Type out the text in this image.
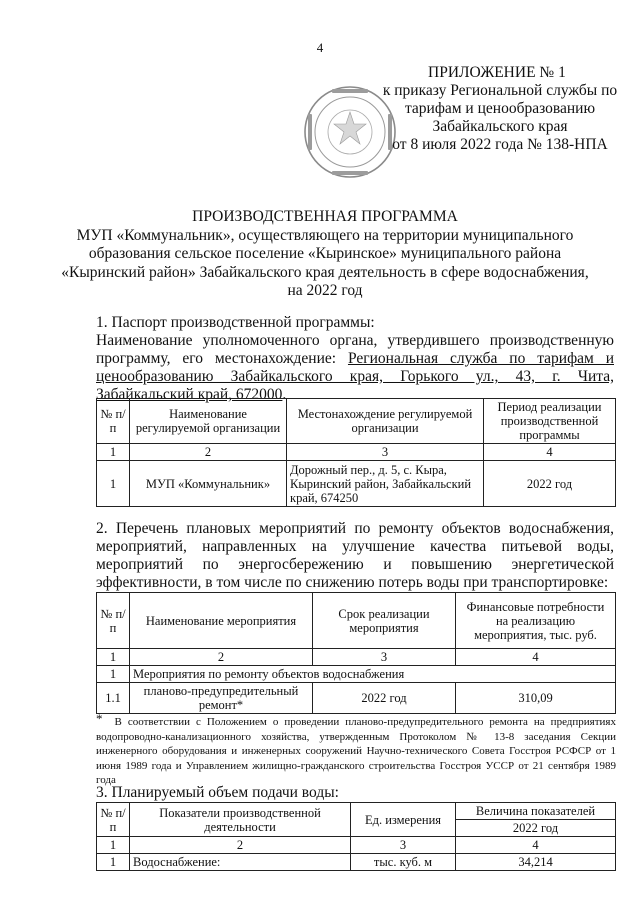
4
ПРИЛОЖЕНИЕ № 1
к приказу Региональной службы по
тарифам и ценообразованию
Забайкальского края
от 8 июля 2022 года № 138-НПА
ПРОИЗВОДСТВЕННАЯ ПРОГРАММА
МУП «Коммунальник», осуществляющего на территории муниципального
образования сельское поселение «Кыринское» муниципального района
«Кыринский район» Забайкальского края деятельность в сфере водоснабжения,
на 2022 год
1. Паспорт производственной программы:
Наименование уполномоченного органа, утвердившего производственную программу, его местонахождение: Региональная служба по тарифам и ценообразованию Забайкальского края, Горького ул., 43, г. Чита, Забайкальский край, 672000.
№ п/п	Наименование регулируемой организации	Местонахождение регулируемой организации	Период реализации производственной программы
1	2	3	4
1	МУП «Коммунальник»	Дорожный пер., д. 5, с. Кыра, Кыринский район, Забайкальский край, 674250	2022 год
2. Перечень плановых мероприятий по ремонту объектов водоснабжения, мероприятий, направленных на улучшение качества питьевой воды, мероприятий по энергосбережению и повышению энергетической эффективности, в том числе по снижению потерь воды при транспортировке:
№ п/п	Наименование мероприятия	Срок реализации мероприятия	Финансовые потребности на реализацию мероприятия, тыс. руб.
1	2	3	4
1	Мероприятия по ремонту объектов водоснабжения		
1.1	планово-предупредительный ремонт*	2022 год	310,09
* В соответствии с Положением о проведении планово-предупредительного ремонта на предприятиях водопроводно-канализационного хозяйства, утвержденным Протоколом № 13-8 заседания Секции инженерного оборудования и инженерных сооружений Научно-технического Совета Госстроя РСФСР от 1 июня 1989 года и Управлением жилищно-гражданского строительства Госстроя УССР от 21 сентября 1989 года
3. Планируемый объем подачи воды:
№ п/п	Показатели производственной деятельности	Ед. измерения	Величина показателей
			2022 год
1	2	3	4
1	Водоснабжение:	тыс. куб. м	34,214
